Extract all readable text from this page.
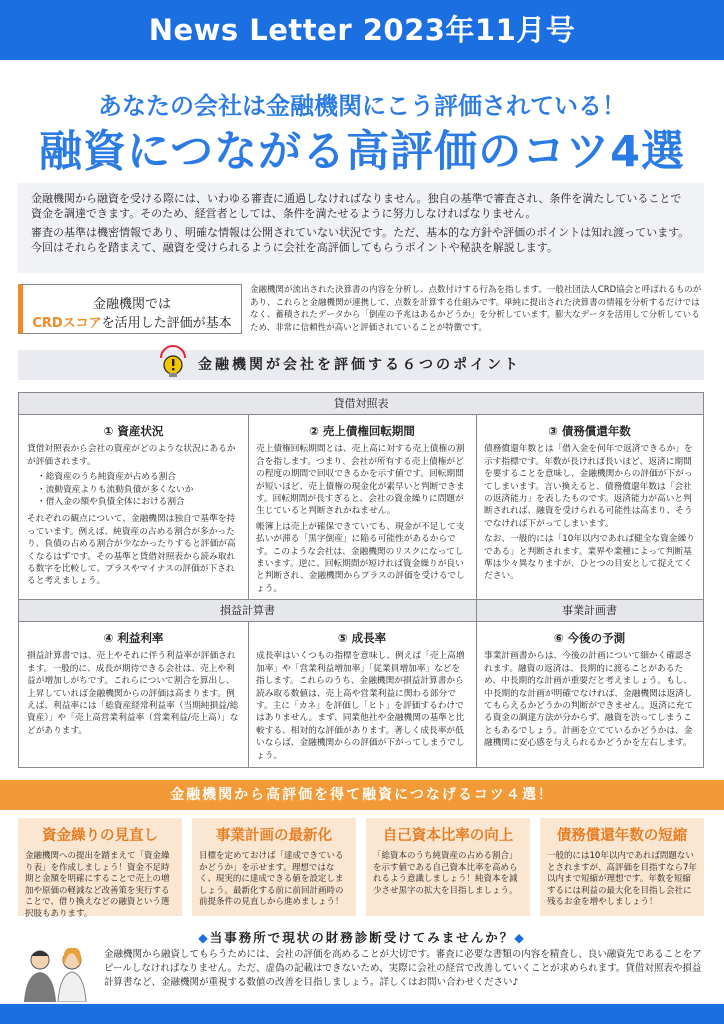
News Letter 2023年11月号
あなたの会社は金融機関にこう評価されている！
融資につながる高評価のコツ4選

金融機関から融資を受ける際には、いわゆる審査に通過しなければなりません。独自の基準で審査され、条件を満たしていることで資金を調達できます。そのため、経営者としては、条件を満たせるように努力しなければなりません。

審査の基準は機密情報であり、明確な情報は公開されていない状況です。ただ、基本的な方針や評価のポイントは知れ渡っています。今回はそれらを踏まえて、融資を受けられるように会社を高評価してもらうポイントや秘訣を解説します。

金融機関では
CRDスコアを活用した評価が基本
金融機関が流出された決算書の内容を分析し、点数付けする行為を指します。一般社団法人CRD協会と呼ばれるものがあり、これらと金融機関が連携して、点数を計算する仕組みです。単純に提出された決算書の情報を分析するだけではなく、蓄積されたデータから「倒産の予兆はあるかどうか」を分析しています。膨大なデータを活用して分析しているため、非常に信頼性が高いと評価されていることが特徴です。
金融機関が会社を評価する６つのポイント
貸借対照表
① 資産状況

貸借対照表から会社の資産がどのような状況にあるかが評価されます。

・ 総資産のうち純資産が占める割合
・ 流動資産よりも流動負債が多くないか
・ 借入金の額や負債全体における割合

それぞれの観点について、金融機関は独自で基準を持っています。例えば、純資産の占める割合が多かったり、負債の占める割合が少なかったりすると評価が高くなるはずです。その基準と貸借対照表から読み取れる数字を比較して、プラスやマイナスの評価が下されると考えましょう。

② 売上債権回転期間

売上債権回転期間とは、売上高に対する売上債権の割合を指します。つまり、会社が所有する売上債権がどの程度の期間で回収できるかを示す値です。回転期間が短いほど、売上債権の現金化が素早いと判断できます。回転期間が長すぎると、会社の資金繰りに問題が生じていると判断されかねません。

帳簿上は売上が確保できていても、現金が不足して支払いが滞る「黒字倒産」に陥る可能性があるからです。このような会社は、金融機関のリスクになってしまいます。逆に、回転期間が短ければ資金繰りが良いと判断され、金融機関からプラスの評価を受けるでしょう。

③ 債務償還年数

債務償還年数とは「借入金を何年で返済できるか」を示す指標です。年数が長ければ長いほど、返済に期間を要することを意味し、金融機関からの評価が下がってしまいます。言い換えると、債務償還年数は「会社の返済能力」を表したものです。返済能力が高いと判断されれば、融資を受けられる可能性は高まり、そうでなければ下がってしまいます。

なお、一般的には「10年以内であれば健全な資金繰りである」と判断されます。業界や業種によって判断基準は少々異なりますが、ひとつの目安として捉えてください。

損益計算書	事業計画書
④ 利益利率

損益計算書では、売上やそれに伴う利益率が評価されます。一般的に、成長が期待できる会社は、売上や利益が増加しがちです。これらについて割合を算出し、上昇していれば金融機関からの評価は高まります。例えば、利益率には「総資産経常利益率（当期純損益/総資産）」や「売上高営業利益率（営業利益/売上高）」などがあります。

⑤ 成長率

成長率はいくつもの指標を意味し、例えば「売上高増加率」や「営業利益増加率」「従業員増加率」などを指します。これらのうち、金融機関が損益計算書から読み取る数値は、売上高や営業利益に関わる部分です。主に「カネ」を評価し「ヒト」を評価するわけではありません。まず、同業他社や金融機関の基準と比較する、相対的な評価があります。著しく成長率が低いならば、金融機関からの評価が下がってしまうでしょう。

⑥ 今後の予測

事業計画書からは、今後の計画について細かく確認されます。融資の返済は、長期的に渡ることがあるため、中長期的な計画が重要だと考えましょう。もし、中長期的な計画が明確でなければ、金融機関は返済してもらえるかどうかの判断ができません。返済に充てる資金の調達方法が分からず、融資を渋ってしまうこともあるでしょう。計画を立てているかどうかは、金融機関に安心感を与えられるかどうかを左右します。

金融機関から高評価を得て融資につなげるコツ４選！
資金繰りの見直し

金融機関への提出を踏まえて「資金繰り表」を作成しましょう！資金不足時期と金額を明確にすることで売上の増加や原価の軽減など改善策を実行することで、借り換えなどの融資という選択肢もあります。

事業計画の最新化

目標を定めておけば「達成できているかどうか」を示せます。理想ではなく、現実的に達成できる値を設定しましょう。最新化する前に前回計画時の前提条件の見直しから進めましょう！

自己資本比率の向上

「総資本のうち純資産の占める割合」を示す値である自己資本比率を高められるよう意識しましょう！純資本を減少させ黒字の拡大を目指しましょう。

債務償還年数の短縮

一般的には10年以内であれば問題ないとされますが、高評価を目指すなら7年以内まで短縮が理想です。年数を短縮するには利益の最大化を目指し会社に残るお金を増やしましょう！

◆当事務所で現状の財務診断受けてみませんか？◆
金融機関から融資してもらうためには、会社の評価を高めることが大切です。審査に必要な書類の内容を精査し、良い融資先であることをアピールしなければなりません。ただ、虚偽の記載はできないため、実際に会社の経営で改善していくことが求められます。貸借対照表や損益計算書など、金融機関が重視する数値の改善を目指しましょう。詳しくはお問い合わせください♪
